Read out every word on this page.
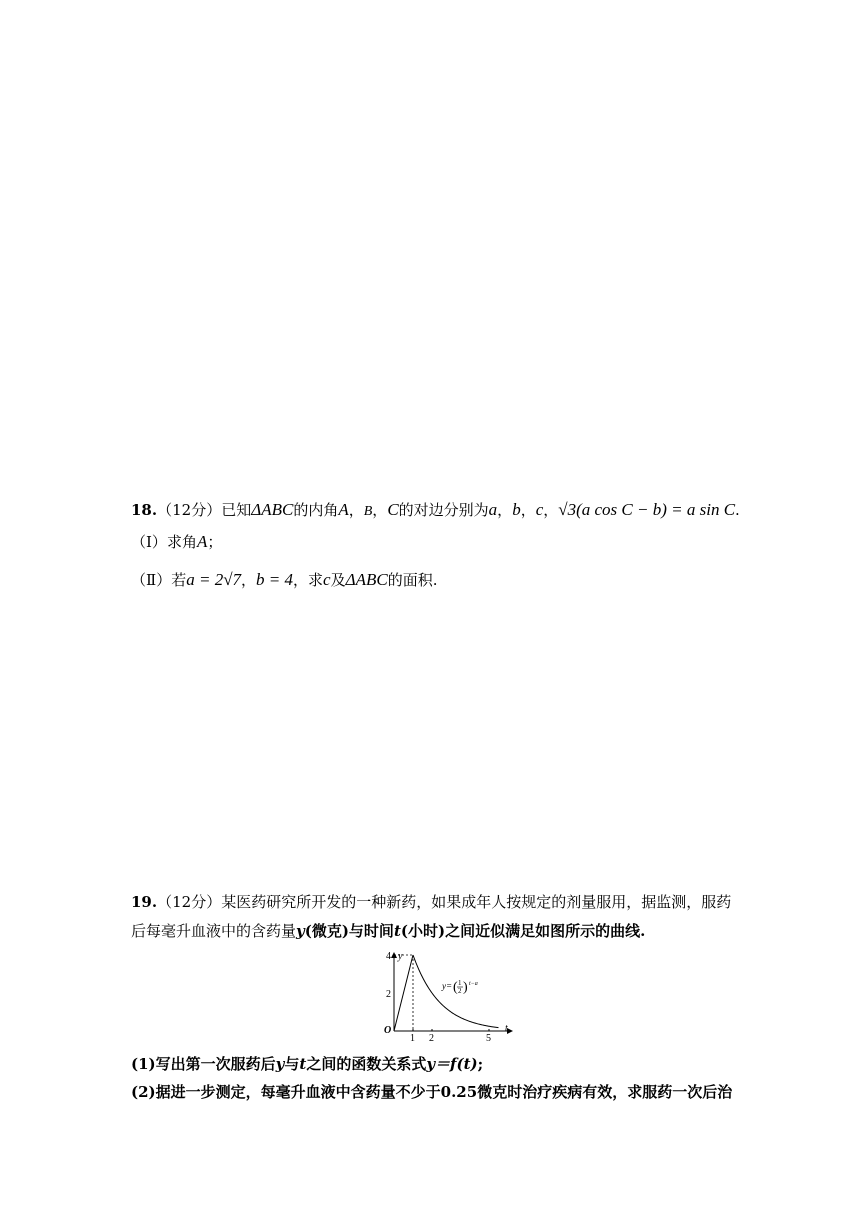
18.（12分）已知ΔABC的内角A，B，C的对边分别为a，b，c，√3(a cos C − b) = a sin C.
（Ⅰ）求角A；
（Ⅱ）若a = 2√7，b = 4，求c及ΔABC的面积.
19.（12分）某医药研究所开发的一种新药，如果成年人按规定的剂量服用，据监测，服药
后每毫升血液中的含药量y(微克)与时间t(小时)之间近似满足如图所示的曲线.
y
t
O
1 2	5
2
4
y= ( 1
2 ) t−a
(1)写出第一次服药后y与t之间的函数关系式y＝f(t);
(2)据进一步测定，每毫升血液中含药量不少于0.25微克时治疗疾病有效，求服药一次后治
